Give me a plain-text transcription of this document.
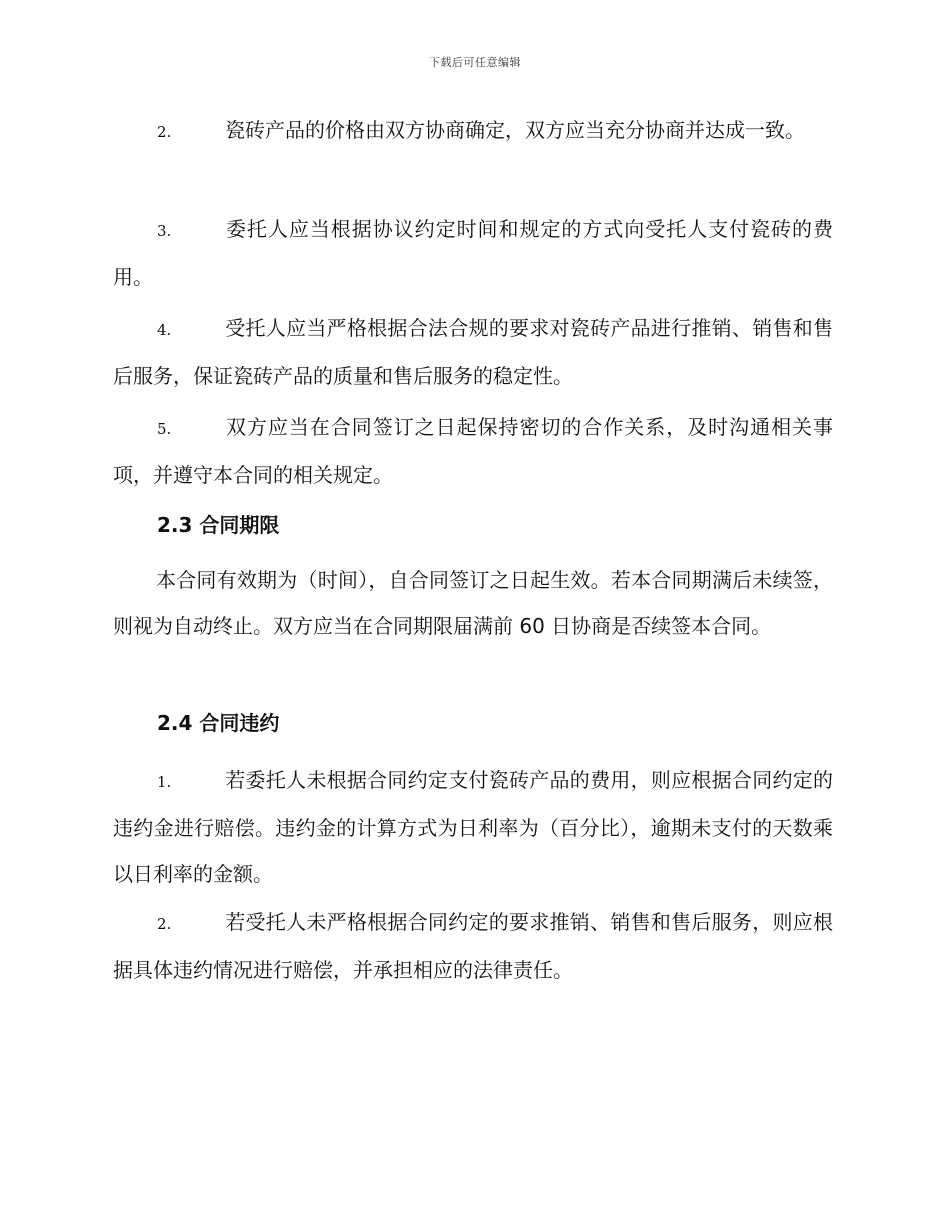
下载后可任意编辑
2.	瓷砖产品的价格由双方协商确定，双方应当充分协商并达成一致。
3.	委托人应当根据协议约定时间和规定的方式向受托人支付瓷砖的费用。
4.	受托人应当严格根据合法合规的要求对瓷砖产品进行推销、销售和售后服务，保证瓷砖产品的质量和售后服务的稳定性。
5.	双方应当在合同签订之日起保持密切的合作关系，及时沟通相关事项，并遵守本合同的相关规定。
2.3 合同期限
本合同有效期为（时间），自合同签订之日起生效。若本合同期满后未续签，则视为自动终止。双方应当在合同期限届满前 60 日协商是否续签本合同。
2.4 合同违约
1.	若委托人未根据合同约定支付瓷砖产品的费用，则应根据合同约定的违约金进行赔偿。违约金的计算方式为日利率为（百分比），逾期未支付的天数乘以日利率的金额。
2.	若受托人未严格根据合同约定的要求推销、销售和售后服务，则应根据具体违约情况进行赔偿，并承担相应的法律责任。
